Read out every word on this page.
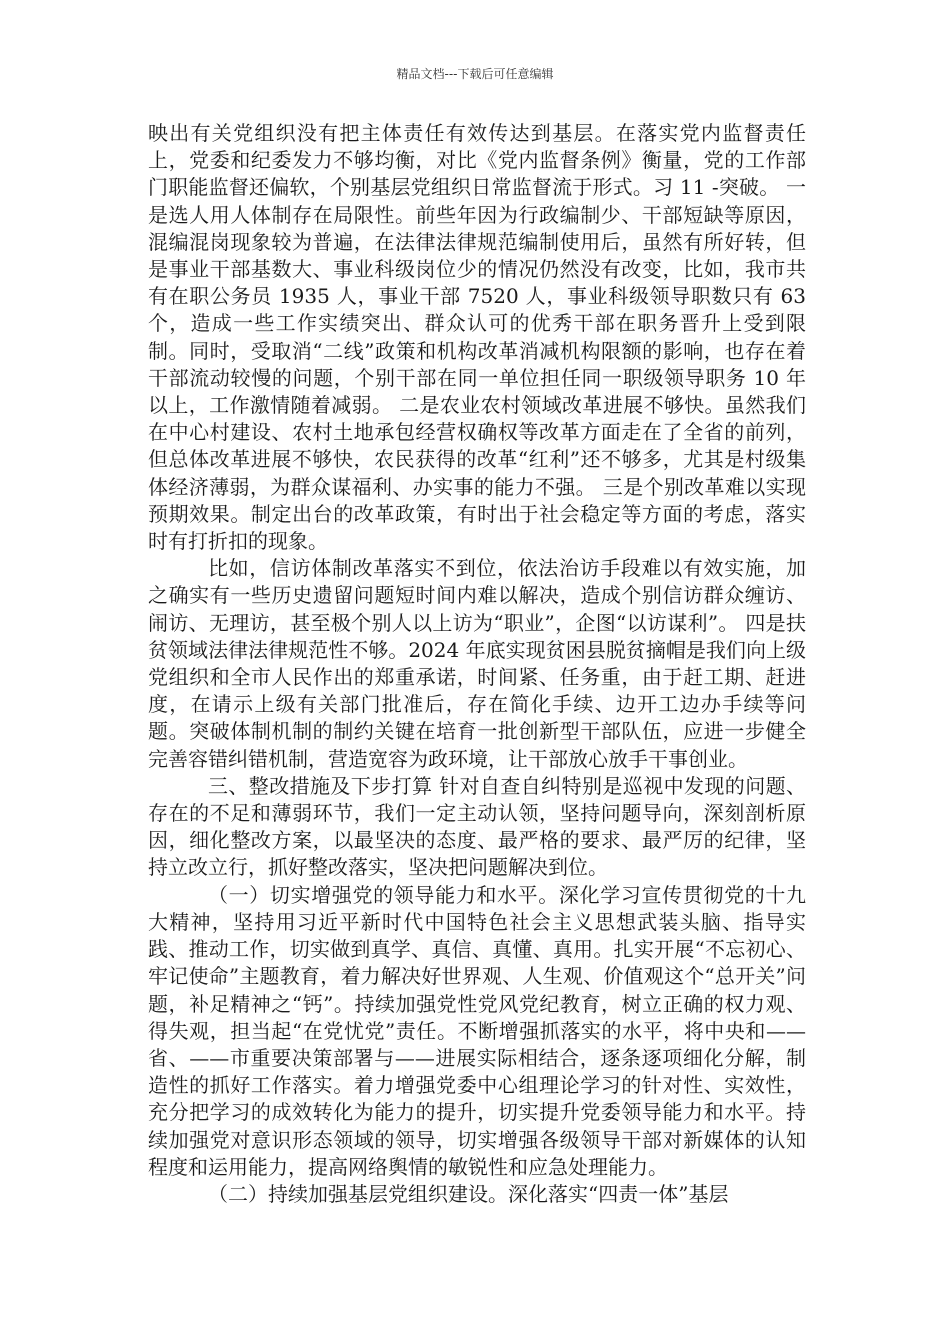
精品文档---下载后可任意编辑

映出有关党组织没有把主体责任有效传达到基层。在落实党内监督责任上，党委和纪委发力不够均衡，对比《党内监督条例》衡量，党的工作部门职能监督还偏软，个别基层党组织日常监督流于形式。习 11 -突破。 一是选人用人体制存在局限性。前些年因为行政编制少、干部短缺等原因，混编混岗现象较为普遍，在法律法律规范编制使用后，虽然有所好转，但是事业干部基数大、事业科级岗位少的情况仍然没有改变，比如，我市共有在职公务员 1935 人，事业干部 7520 人，事业科级领导职数只有 63 个，造成一些工作实绩突出、群众认可的优秀干部在职务晋升上受到限制。同时，受取消“二线”政策和机构改革消减机构限额的影响，也存在着干部流动较慢的问题，个别干部在同一单位担任同一职级领导职务 10 年以上，工作激情随着减弱。 二是农业农村领域改革进展不够快。虽然我们在中心村建设、农村土地承包经营权确权等改革方面走在了全省的前列，但总体改革进展不够快，农民获得的改革“红利”还不够多，尤其是村级集体经济薄弱，为群众谋福利、办实事的能力不强。 三是个别改革难以实现预期效果。制定出台的改革政策，有时出于社会稳定等方面的考虑，落实时有打折扣的现象。

比如，信访体制改革落实不到位，依法治访手段难以有效实施，加之确实有一些历史遗留问题短时间内难以解决，造成个别信访群众缠访、闹访、无理访，甚至极个别人以上访为“职业”，企图“以访谋利”。 四是扶贫领域法律法律规范性不够。2024 年底实现贫困县脱贫摘帽是我们向上级党组织和全市人民作出的郑重承诺，时间紧、任务重，由于赶工期、赶进度，在请示上级有关部门批准后，存在简化手续、边开工边办手续等问题。突破体制机制的制约关键在培育一批创新型干部队伍，应进一步健全完善容错纠错机制，营造宽容为政环境，让干部放心放手干事创业。

三、整改措施及下步打算 针对自查自纠特别是巡视中发现的问题、存在的不足和薄弱环节，我们一定主动认领，坚持问题导向，深刻剖析原因，细化整改方案，以最坚决的态度、最严格的要求、最严厉的纪律，坚持立改立行，抓好整改落实，坚决把问题解决到位。

（一）切实增强党的领导能力和水平。深化学习宣传贯彻党的十九大精神，坚持用习近平新时代中国特色社会主义思想武装头脑、指导实践、推动工作，切实做到真学、真信、真懂、真用。扎实开展“不忘初心、牢记使命”主题教育，着力解决好世界观、人生观、价值观这个“总开关”问题，补足精神之“钙”。持续加强党性党风党纪教育，树立正确的权力观、得失观，担当起“在党忧党”责任。不断增强抓落实的水平，将中央和——省、——市重要决策部署与——进展实际相结合，逐条逐项细化分解，制造性的抓好工作落实。着力增强党委中心组理论学习的针对性、实效性，充分把学习的成效转化为能力的提升，切实提升党委领导能力和水平。持续加强党对意识形态领域的领导，切实增强各级领导干部对新媒体的认知程度和运用能力，提高网络舆情的敏锐性和应急处理能力。

（二）持续加强基层党组织建设。深化落实“四责一体”基层
